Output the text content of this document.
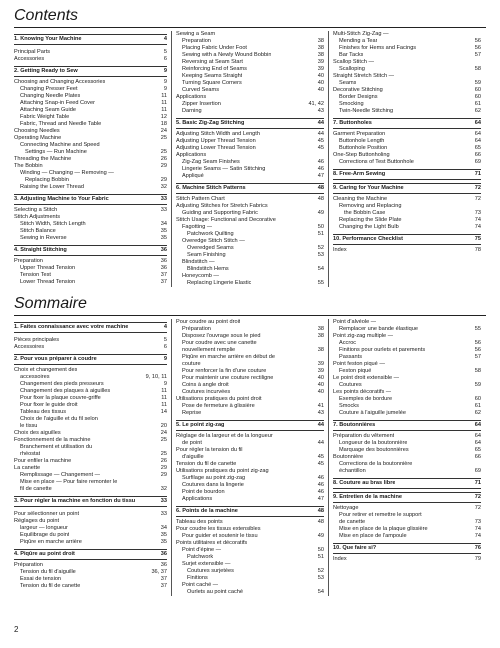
Contents
1. Knowing Your Machine	4
Principal Parts	5
Accessories	6
2. Getting Ready to Sew	9
Choosing and Changing Accessories	9
Changing Presser Feet	9
Changing Needle Plates	11
Attaching Snap-in Feed Cover	11
Attaching Seam Guide	11
Fabric Weight Table	12
Fabric, Thread and Needle Table	18
Choosing Needles	24
Operating Machine	25
Connecting Machine and Speed
Settings — Run Machine	25
Threading the Machine	26
The Bobbin	29
Winding — Changing — Removing —
Replacing Bobbin	29
Raising the Lower Thread	32
3. Adjusting Machine to Your Fabric	33
Selecting a Stitch	33
Stitch Adjustments
Stitch Width, Stitch Length	34
Stitch Balance	35
Sewing in Reverse	35
4. Straight Stitching	36
Preparation	36
Upper Thread Tension	36
Tension Test	37
Lower Thread Tension	37
Sewing a Seam
Preparation	38
Placing Fabric Under Foot	38
Sewing with a Newly Wound Bobbin	38
Reversing at Seam Start	39
Reinforcing End of Seams	39
Keeping Seams Straight	40
Turning Square Corners	40
Curved Seams	40
Applications
Zipper Insertion	41, 42
Darning	43
5. Basic Zig-Zag Stitching	44
Adjusting Stitch Width and Length	44
Adjusting Upper Thread Tension	45
Adjusting Lower Thread Tension	45
Applications
Zig-Zag Seam Finishes	46
Lingerie Seams — Satin Stitching	46
Appliqué	47
6. Machine Stitch Patterns	48
Stitch Pattern Chart	48
Adjusting Stitches for Stretch Fabrics
Guiding and Supporting Fabric	49
Stitch Usage: Functional and Decorative
Fagotting —	50
Patchwork Quilting	51
Overedge Stitch Stitch —
Overedged Seams	52
Seam Finishing	53
Blindstitch —
Blindstitch Hems	54
Honeycomb —
Replacing Lingerie Elastic	55
Multi-Stitch Zig-Zag —
Mending a Tear	56
Finishes for Hems and Facings	56
Bar Tacks	57
Scallop Stitch —
Scalloping	58
Straight Stretch Stitch —
Seams	59
Decorative Stitching	60
Border Designs	60
Smocking	61
Twin-Needle Stitching	62
7. Buttonholes	64
Garment Preparation	64
Buttonhole Length	64
Buttonhole Position	65
One-Step Buttonholing	66
Corrections of Test Buttonhole	69
8. Free-Arm Sewing	71
9. Caring for Your Machine	72
Cleaning the Machine	72
Removing and Replacing
the Bobbin Case	73
Replacing the Slide Plate	74
Changing the Light Bulb	74
10. Performance Checklist	75
Index	78
Sommaire
1. Faites connaissance avec votre machine	4
Pièces principales	5
Accessoires	6
2. Pour vous préparer à coudre	9
Choix et changement des
accessoires	9, 10, 11
Changement des pieds presseurs	9
Changement des plaques à aiguilles	11
Pour fixer la plaque couvre-griffe	11
Pour fixer le guide droit	11
Tableau des tissus	14
Choix de l'aiguille et du fil selon
le tissu	20
Choix des aiguilles	24
Fonctionnement de la machine	25
Branchement et utilisation du
rhéostat	25
Pour enfiler la machine	26
La canette	29
Remplissage — Changement —	29
Mise en place — Pour faire remonter le
fil de canette	32
3. Pour régler la machine en fonction du tissu	33
Pour sélectionner un point	33
Réglages du point
largeur — longueur	34
Equilibrage du point	35
Piqûre en marche arrière	35
4. Piqûre au point droit	36
Préparation	36
Tension du fil d'aiguille	36, 37
Essai de tension	37
Tension du fil de canette	37
Pour coudre au point droit
Préparation	38
Disposez l'ouvrage sous le pied	38
Pour coudre avec une canette
nouvellement remplie	38
Piqûre en marche arrière en début de
couture	39
Pour renforcer la fin d'une couture	39
Pour maintenir une couture rectiligne	40
Coins à angle droit	40
Coutures incurvées	40
Utilisations pratiques du point droit
Pose de fermeture à glissière	41
Reprise	43
5. Le point zig-zag	44
Réglage de la largeur et de la longueur
de point	44
Pour régler la tension du fil
d'aiguille	45
Tension du fil de canette	45
Utilisations pratiques du point zig-zag
Surfilage au point zig-zag	46
Coutures dans la lingerie	46
Point de bourdon	46
Applications	47
6. Points de la machine	48
Tableau des points	48
Pour coudre les tissus extensibles
Pour guider et soutenir le tissu	49
Points utilitaires et décoratifs
Point d'épine —	50
Patchwork	51
Surjet extensible —
Coutures surjetées	52
Finitions	53
Point caché —
Ourlets au point caché	54
Point d'alvéole —
Remplacer une bande élastique	55
Point zig-zag multiple —
Accroc	56
Finitions pour ourlets et parements	56
Passants	57
Point feston piqué —
Feston piqué	58
Le point droit extensible —
Coutures	59
Les points décoratifs —
Exemples de bordure	60
Smocks	61
Couture à l'aiguille jumelée	62
7. Boutonnières	64
Préparation du vêtement	64
Longueur de la boutonnière	64
Marquage des boutonnières	65
Boutonnière	66
Corrections de la boutonnière
échantillon	69
8. Couture au bras libre	71
9. Entretien de la machine	72
Nettoyage	72
Pour retirer et remettre le support
de canette	73
Mise en place de la plaque glissière	74
Mise en place de l'ampoule	74
10. Que faire si?	76
Index	79
2
